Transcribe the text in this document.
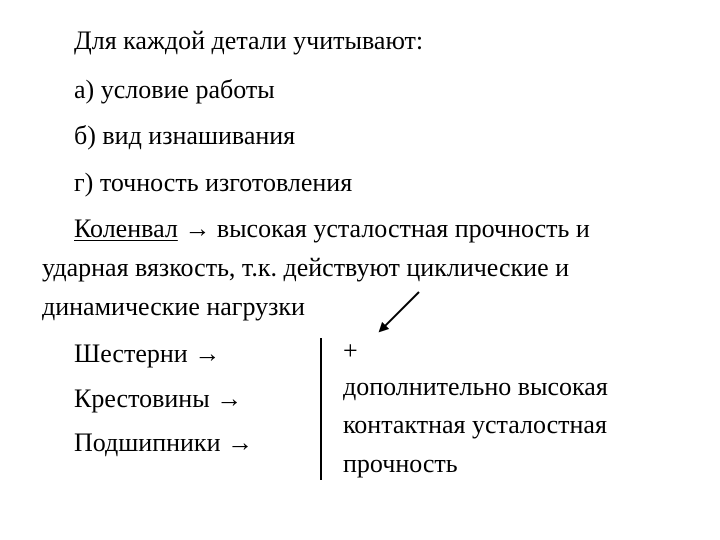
Для каждой детали учитывают:
а) условие работы
б) вид изнашивания
г) точность изготовления
Коленвал → высокая усталостная прочность и
ударная вязкость, т.к. действуют циклические и
динамические нагрузки
Шестерни →
Крестовины →
Подшипники →
+
дополнительно высокая
контактная усталостная
прочность
